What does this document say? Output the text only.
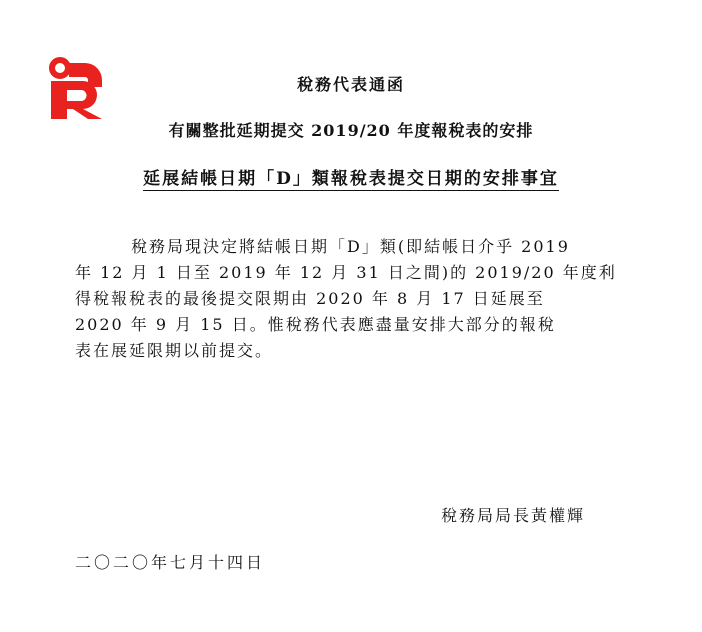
稅務代表通函
有關整批延期提交 2019/20 年度報稅表的安排
延展結帳日期「D」類報稅表提交日期的安排事宜
稅務局現決定將結帳日期「D」類(即結帳日介乎 2019
年 12 月 1 日至 2019 年 12 月 31 日之間)的 2019/20 年度利
得稅報稅表的最後提交限期由 2020 年 8 月 17 日延展至
2020 年 9 月 15 日。惟稅務代表應盡量安排大部分的報稅
表在展延限期以前提交。
稅務局局長黃權輝
二〇二〇年七月十四日
